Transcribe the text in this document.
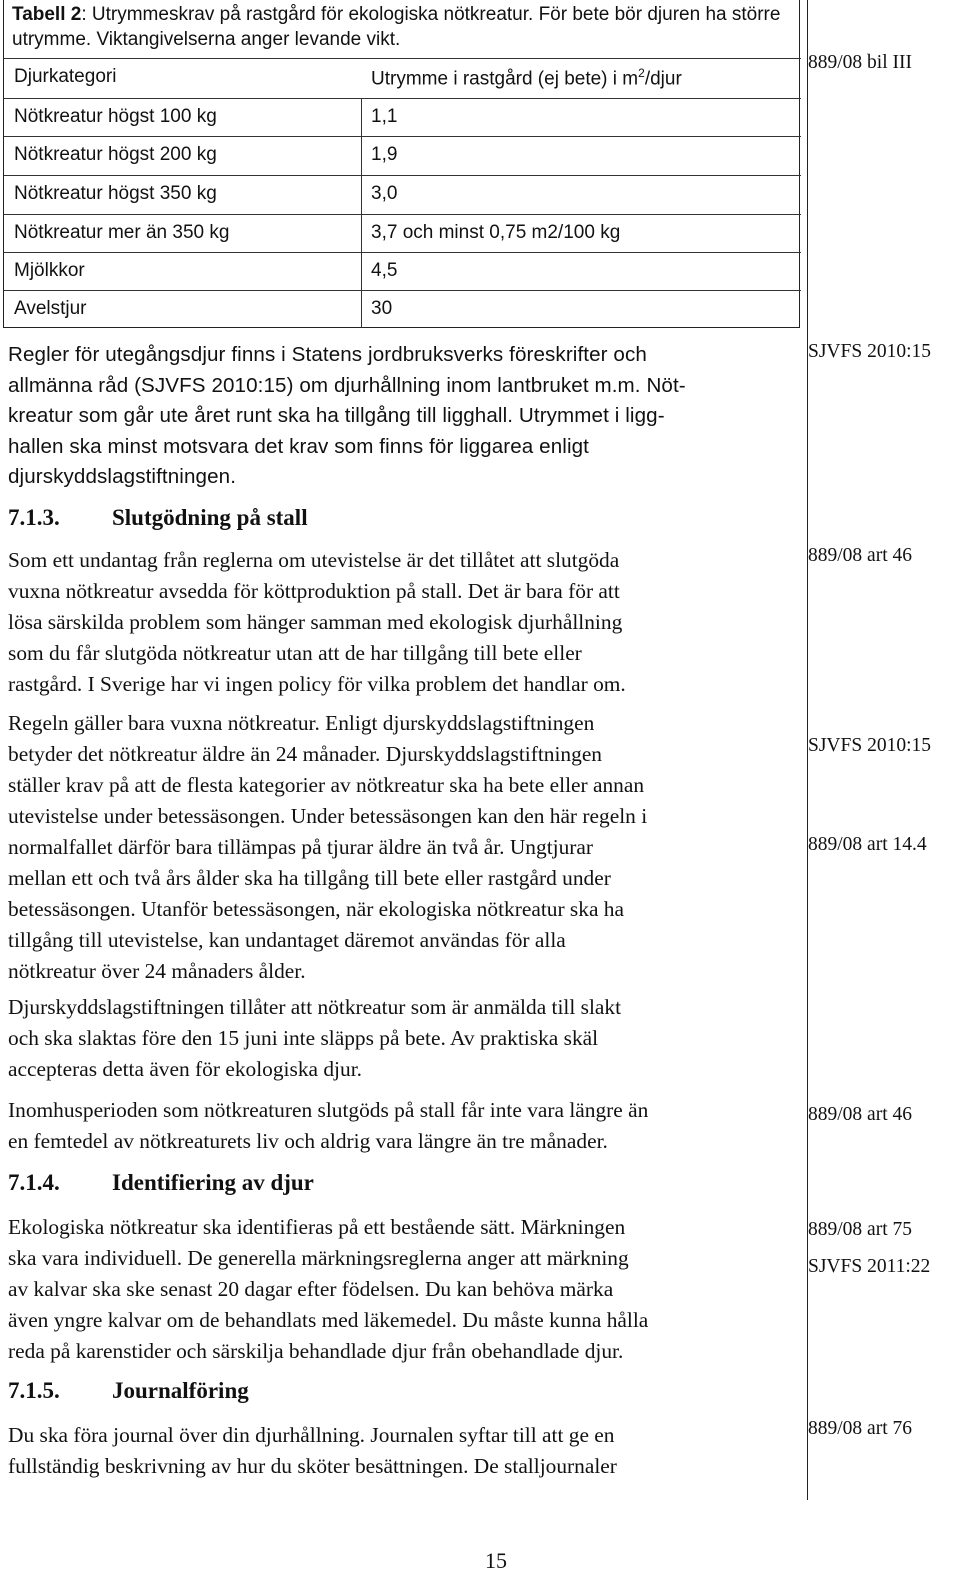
Tabell 2: Utrymmeskrav på rastgård för ekologiska nötkreatur. För bete bör djuren ha större utrymme. Viktangivelserna anger levande vikt.
Djurkategori	Utrymme i rastgård (ej bete) i $m^2$/djur
Nötkreatur högst 100 kg	1,1
Nötkreatur högst 200 kg	1,9
Nötkreatur högst 350 kg	3,0
Nötkreatur mer än 350 kg	3,7 och minst 0,75 m2/100 kg
Mjölkkor	4,5
Avelstjur	30

Regler för utegångsdjur finns i Statens jordbruksverks föreskrifter och

allmänna råd (SJVFS 2010:15) om djurhållning inom lantbruket m.m. Nöt-

kreatur som går ute året runt ska ha tillgång till ligghall. Utrymmet i ligg-

hallen ska minst motsvara det krav som finns för liggarea enligt

djurskyddslagstiftningen.

7.1.3. Slutgödning på stall

Som ett undantag från reglerna om utevistelse är det tillåtet att slutgöda

vuxna nötkreatur avsedda för köttproduktion på stall. Det är bara för att

lösa särskilda problem som hänger samman med ekologisk djurhållning

som du får slutgöda nötkreatur utan att de har tillgång till bete eller

rastgård. I Sverige har vi ingen policy för vilka problem det handlar om.

Regeln gäller bara vuxna nötkreatur. Enligt djurskyddslagstiftningen

betyder det nötkreatur äldre än 24 månader. Djurskyddslagstiftningen

ställer krav på att de flesta kategorier av nötkreatur ska ha bete eller annan

utevistelse under betessäsongen. Under betessäsongen kan den här regeln i

normalfallet därför bara tillämpas på tjurar äldre än två år. Ungtjurar

mellan ett och två års ålder ska ha tillgång till bete eller rastgård under

betessäsongen. Utanför betessäsongen, när ekologiska nötkreatur ska ha

tillgång till utevistelse, kan undantaget däremot användas för alla

nötkreatur över 24 månaders ålder.

Djurskyddslagstiftningen tillåter att nötkreatur som är anmälda till slakt

och ska slaktas före den 15 juni inte släpps på bete. Av praktiska skäl

accepteras detta även för ekologiska djur.

Inomhusperioden som nötkreaturen slutgöds på stall får inte vara längre än

en femtedel av nötkreaturets liv och aldrig vara längre än tre månader.

7.1.4. Identifiering av djur

Ekologiska nötkreatur ska identifieras på ett bestående sätt. Märkningen

ska vara individuell. De generella märkningsreglerna anger att märkning

av kalvar ska ske senast 20 dagar efter födelsen. Du kan behöva märka

även yngre kalvar om de behandlats med läkemedel. Du måste kunna hålla

reda på karenstider och särskilja behandlade djur från obehandlade djur.

7.1.5. Journalföring

Du ska föra journal över din djurhållning. Journalen syftar till att ge en

fullständig beskrivning av hur du sköter besättningen. De stalljournaler

889/08 bil III
SJVFS 2010:15
889/08 art 46
SJVFS 2010:15
889/08 art 14.4
889/08 art 46
889/08 art 75
SJVFS 2011:22
889/08 art 76
15
